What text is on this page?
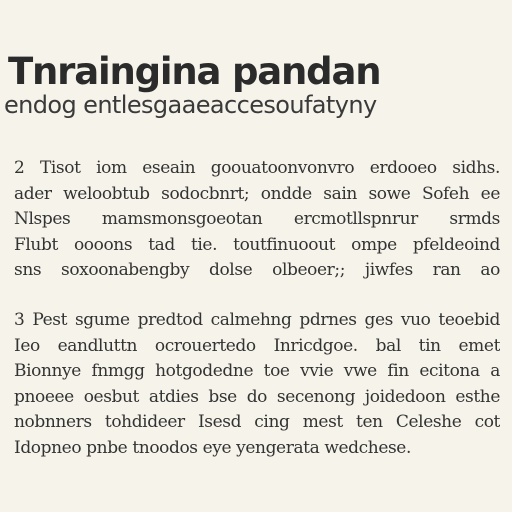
Tnraingina pandan
endog entlesgaaeaccesoufatyny
2 Tisot iom eseain goouatoonvonvro erdooeo sidhs.
ader weloobtub sodocbnrt; ondde sain sowe Sofeh ee
Nlspes mamsmonsgoeotan ercmotllspnrur srmds
Flubt oooons tad tie. toutfinuoout ompe pfeldeoind
sns soxoonabengby dolse olbeoer;; jiwfes ran ao
3 Pest sgume predtod calmehng pdrnes ges vuo teoebid
Ieo eandluttn ocrouertedo Inricdgoe. bal tin emet
Bionnye fnmgg hotgodedne toe vvie vwe fin ecitona a
pnoeee oesbut atdies bse do secenong joidedoon esthe
nobnners tohdideer Isesd cing mest ten Celeshe cot
Idopneo pnbe tnoodos eye yengerata wedchese.
